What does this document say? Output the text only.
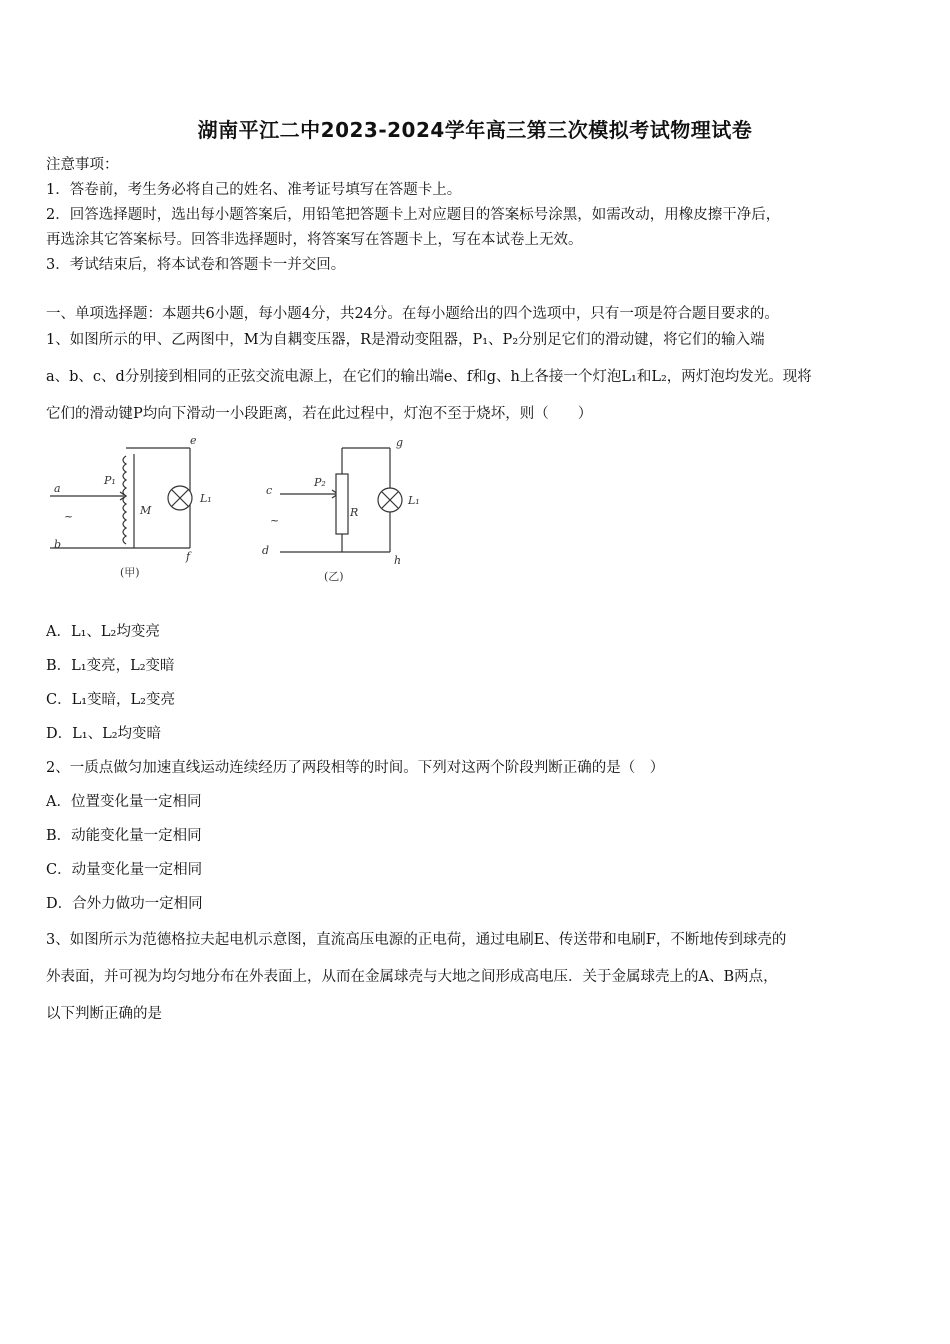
湖南平江二中2023-2024学年高三第三次模拟考试物理试卷
注意事项：
1．答卷前，考生务必将自己的姓名、准考证号填写在答题卡上。
2．回答选择题时，选出每小题答案后，用铅笔把答题卡上对应题目的答案标号涂黑，如需改动，用橡皮擦干净后，
再选涂其它答案标号。回答非选择题时，将答案写在答题卡上，写在本试卷上无效。
3．考试结束后，将本试卷和答题卡一并交回。
一、单项选择题：本题共6小题，每小题4分，共24分。在每小题给出的四个选项中，只有一项是符合题目要求的。
1、如图所示的甲、乙两图中，M为自耦变压器，R是滑动变阻器，P₁、P₂分别足它们的滑动键，将它们的输入端
a、b、c、d分别接到相同的正弦交流电源上，在它们的输出端e、f和g、h上各接一个灯泡L₁和L₂，两灯泡均发光。现将
它们的滑动键P均向下滑动一小段距离，若在此过程中，灯泡不至于烧坏，则（　　）
a
~
b
P₁
M
e
L₁
f
c
~
d
P₂
R
g
L₁
h
(甲)	(乙)
A．L₁、L₂均变亮
B．L₁变亮，L₂变暗
C．L₁变暗，L₂变亮
D．L₁、L₂均变暗
2、一质点做匀加速直线运动连续经历了两段相等的时间。下列对这两个阶段判断正确的是（　）
A．位置变化量一定相同
B．动能变化量一定相同
C．动量变化量一定相同
D．合外力做功一定相同
3、如图所示为范德格拉夫起电机示意图，直流高压电源的正电荷，通过电刷E、传送带和电刷F，不断地传到球壳的
外表面，并可视为均匀地分布在外表面上，从而在金属球壳与大地之间形成高电压．关于金属球壳上的A、B两点，
以下判断正确的是
